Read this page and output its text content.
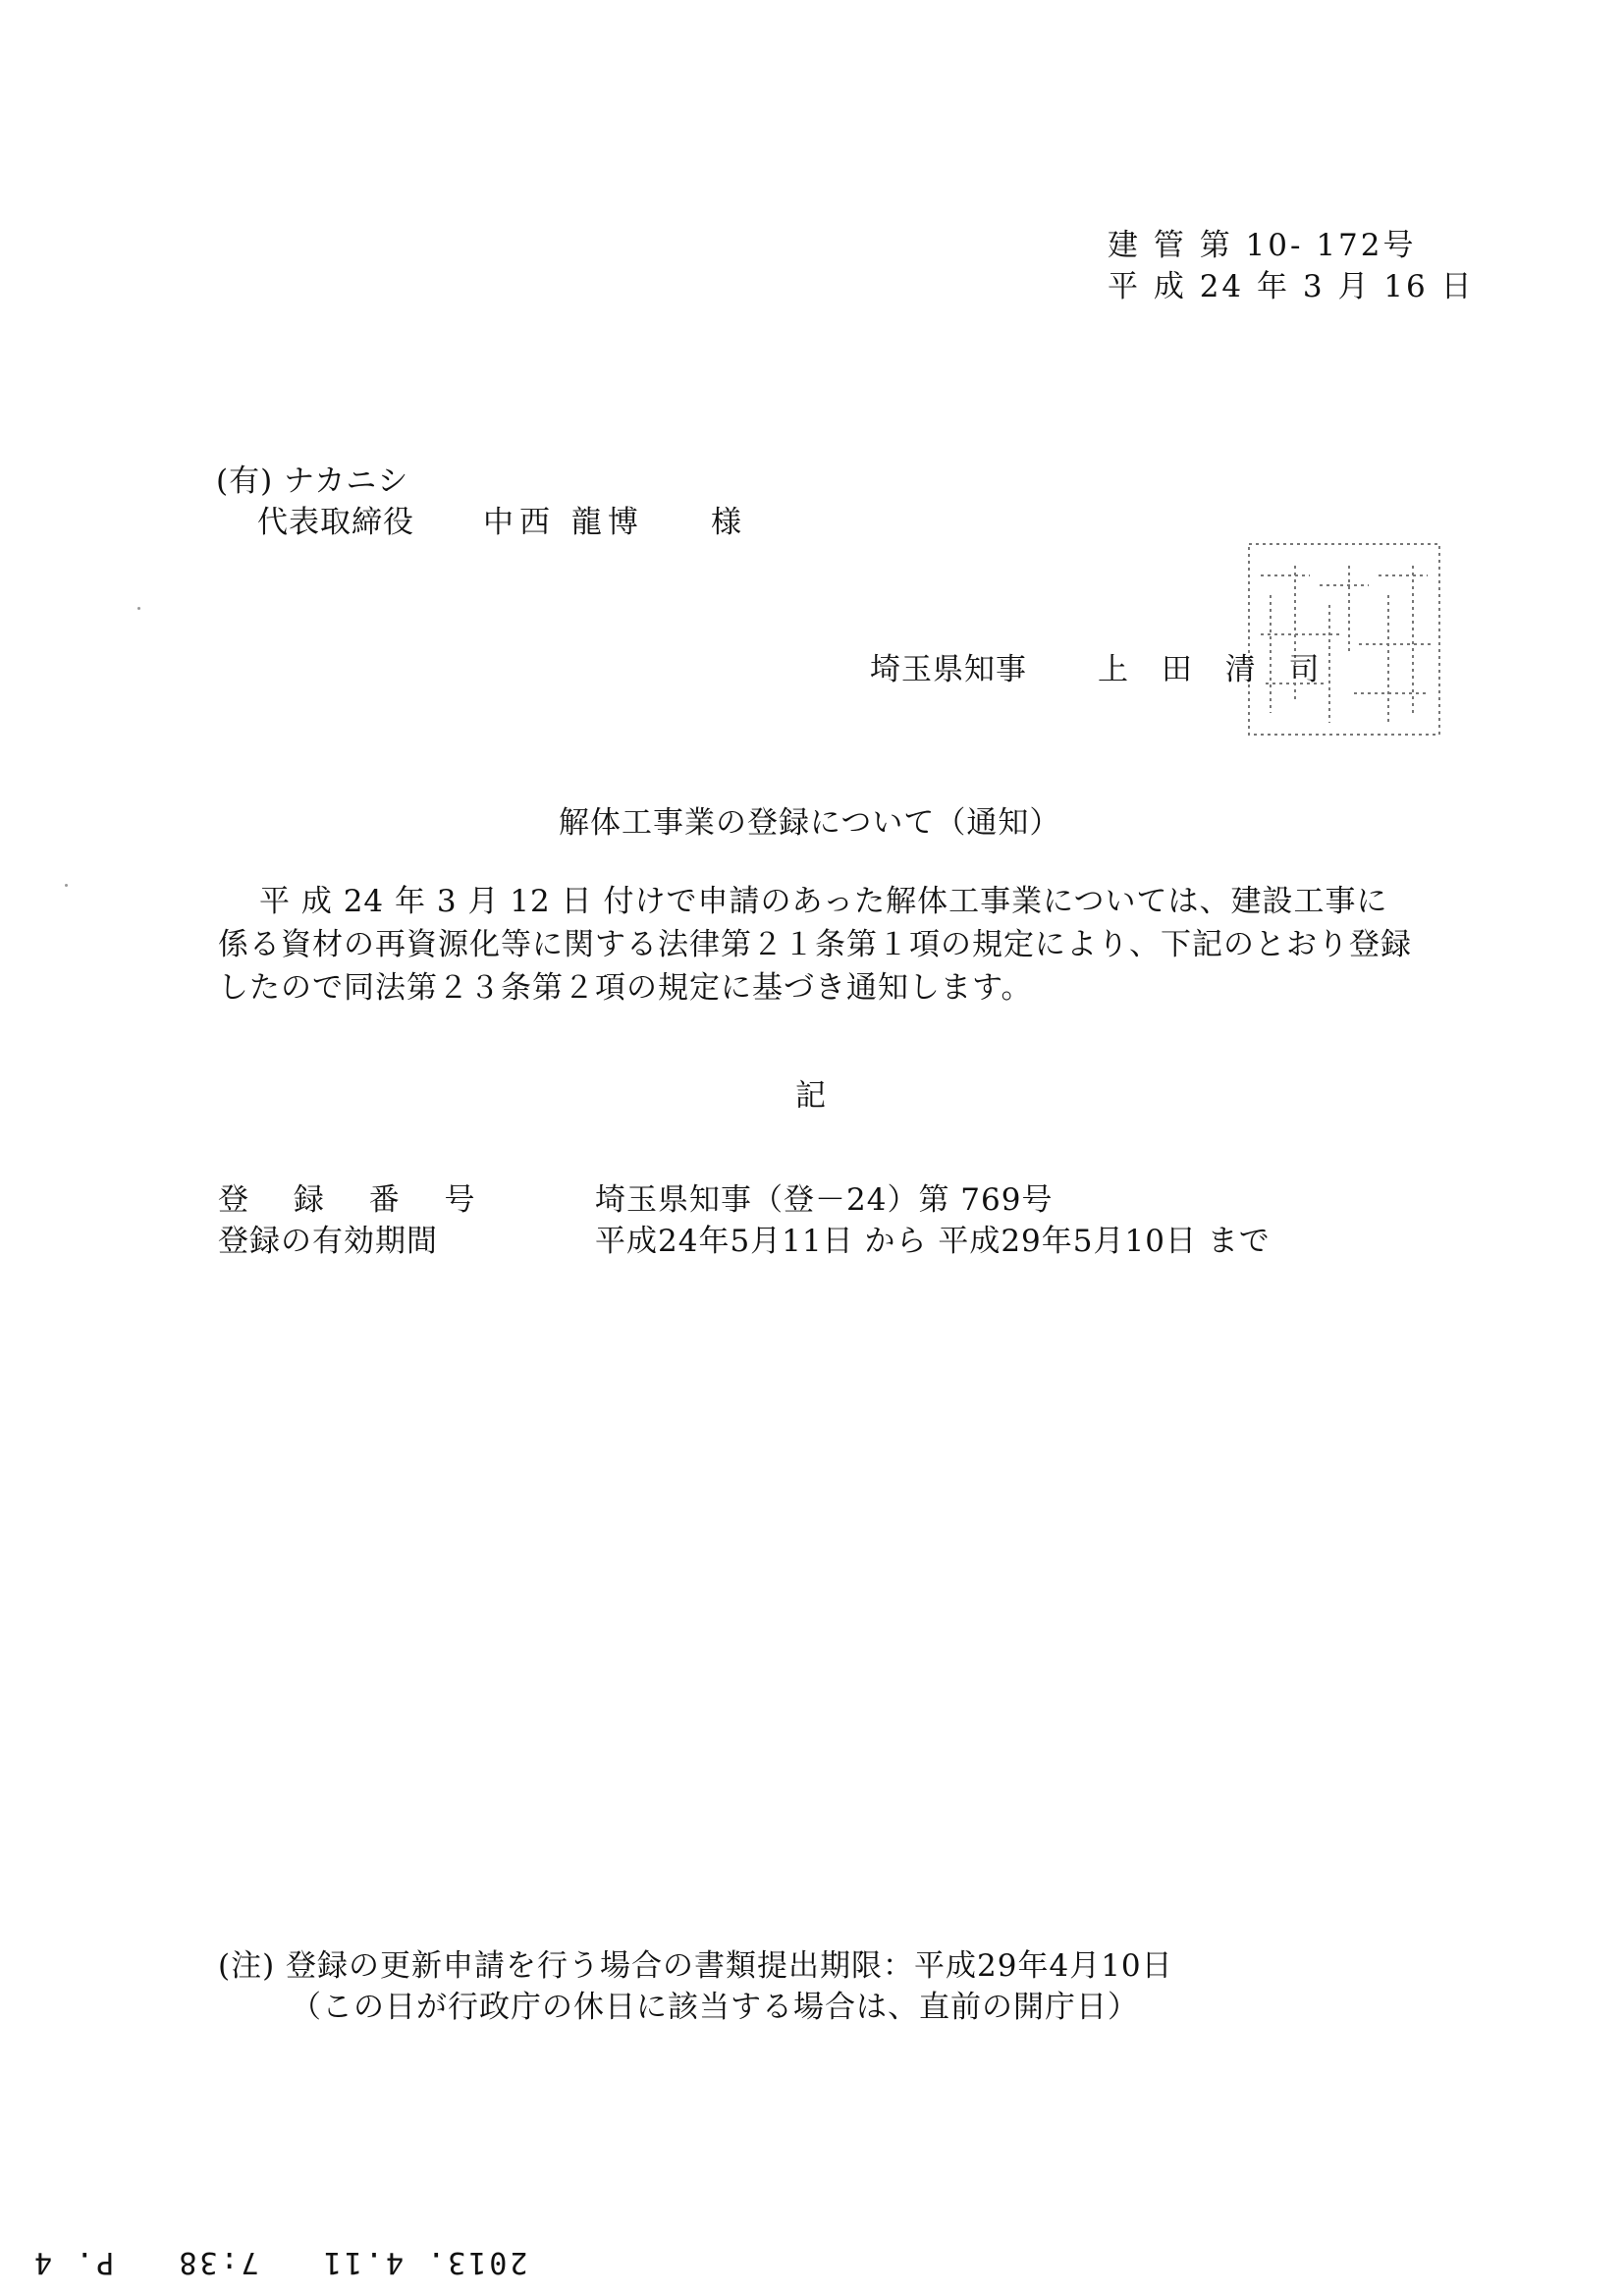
建 管 第 10- 172号
平 成 24 年 3 月 16 日
(有) ナカニシ
代表取締役 中西 龍博 様
埼玉県知事 上 田 清 司
解体工事業の登録について（通知）
平 成 24 年 3 月 12 日 付けで申請のあった解体工事業については、建設工事に係る資材の再資源化等に関する法律第２１条第１項の規定により、下記のとおり登録したので同法第２３条第２項の規定に基づき通知します。
記
登 録 番 号	埼玉県知事（登－24）第 769号
登録の有効期間	平成24年5月11日 から 平成29年5月10日 まで
(注) 登録の更新申請を行う場合の書類提出期限：平成29年4月10日
（この日が行政庁の休日に該当する場合は、直前の開庁日）
2013. 4.11   7:38   P. 4
